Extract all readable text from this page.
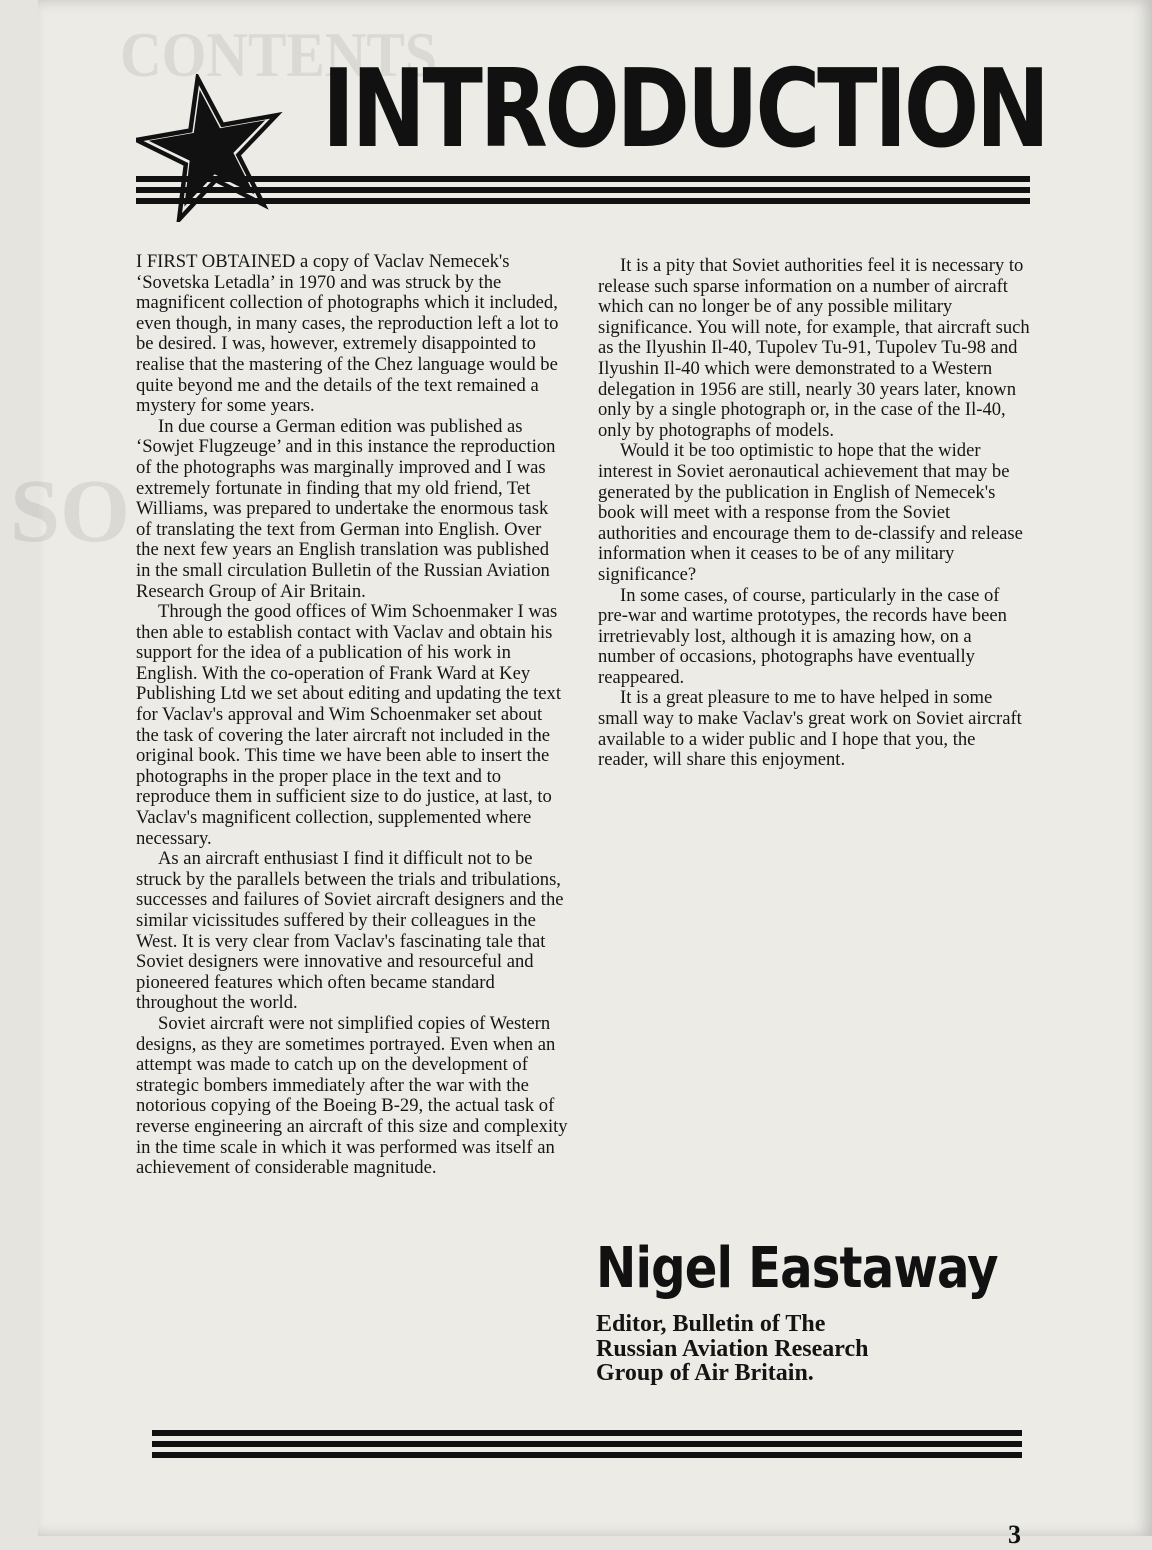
CONTENTS
SO
INTRODUCTION

I FIRST OBTAINED a copy of Vaclav Nemecek's ‘Sovetska Letadla’ in 1970 and was struck by the magnificent collection of photographs which it included, even though, in many cases, the reproduction left a lot to be desired. I was, however, extremely disappointed to realise that the mastering of the Chez language would be quite beyond me and the details of the text remained a mystery for some years.

In due course a German edition was published as ‘Sowjet Flugzeuge’ and in this instance the reproduction of the photographs was marginally improved and I was extremely fortunate in finding that my old friend, Tet Williams, was prepared to undertake the enormous task of translating the text from German into English. Over the next few years an English translation was published in the small circulation Bulletin of the Russian Aviation Research Group of Air Britain.

Through the good offices of Wim Schoenmaker I was then able to establish contact with Vaclav and obtain his support for the idea of a publication of his work in English. With the co-operation of Frank Ward at Key Publishing Ltd we set about editing and updating the text for Vaclav's approval and Wim Schoenmaker set about the task of covering the later aircraft not included in the original book. This time we have been able to insert the photographs in the proper place in the text and to reproduce them in sufficient size to do justice, at last, to Vaclav's magnificent collection, supplemented where necessary.

As an aircraft enthusiast I find it difficult not to be struck by the parallels between the trials and tribulations, successes and failures of Soviet aircraft designers and the similar vicissitudes suffered by their colleagues in the West. It is very clear from Vaclav's fascinating tale that Soviet designers were innovative and resourceful and pioneered features which often became standard throughout the world.

Soviet aircraft were not simplified copies of Western designs, as they are sometimes portrayed. Even when an attempt was made to catch up on the development of strategic bombers immediately after the war with the notorious copying of the Boeing B-29, the actual task of reverse engineering an aircraft of this size and complexity in the time scale in which it was performed was itself an achievement of considerable magnitude.

It is a pity that Soviet authorities feel it is necessary to release such sparse information on a number of aircraft which can no longer be of any possible military significance. You will note, for example, that aircraft such as the Ilyushin Il-40, Tupolev Tu-91, Tupolev Tu-98 and Ilyushin Il-40 which were demonstrated to a Western delegation in 1956 are still, nearly 30 years later, known only by a single photograph or, in the case of the Il-40, only by photographs of models.

Would it be too optimistic to hope that the wider interest in Soviet aeronautical achievement that may be generated by the publication in English of Nemecek's book will meet with a response from the Soviet authorities and encourage them to de-classify and release information when it ceases to be of any military significance?

In some cases, of course, particularly in the case of pre-war and wartime prototypes, the records have been irretrievably lost, although it is amazing how, on a number of occasions, photographs have eventually reappeared.

It is a great pleasure to me to have helped in some small way to make Vaclav's great work on Soviet aircraft available to a wider public and I hope that you, the reader, will share this enjoyment.

Nigel Eastaway
Editor, Bulletin of The
Russian Aviation Research
Group of Air Britain.
3
